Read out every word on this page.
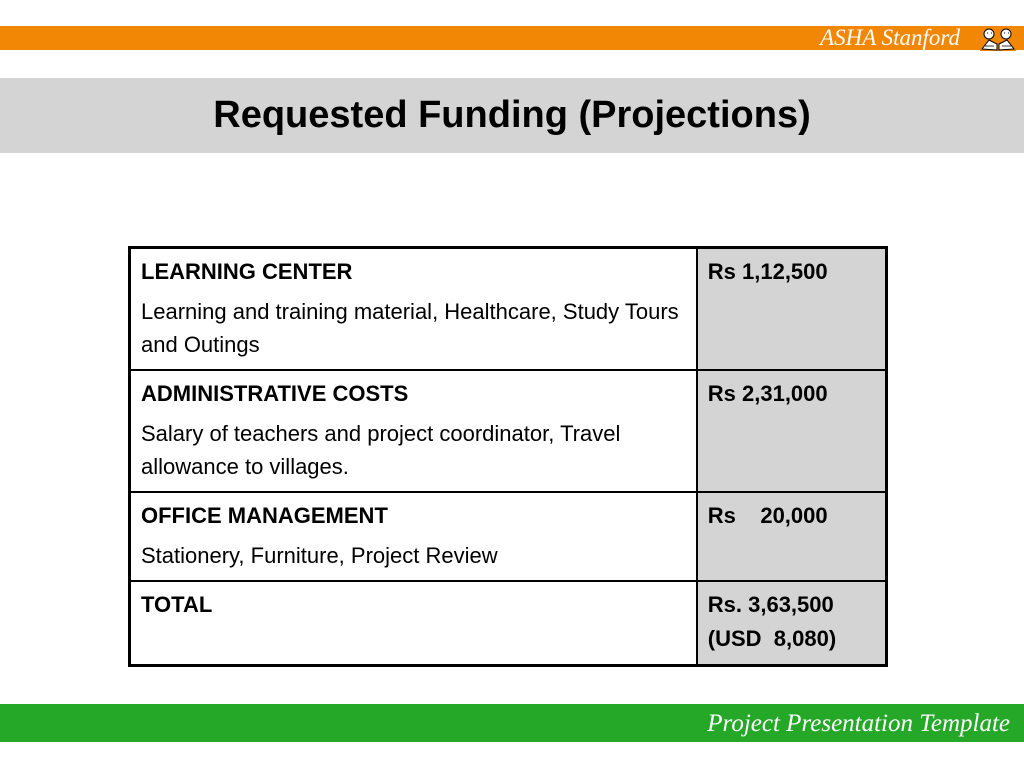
ASHA Stanford
Requested Funding (Projections)
LEARNING CENTER
Learning and training material, Healthcare, Study Tours and Outings	Rs 1,12,500

ADMINISTRATIVE COSTS
Salary of teachers and project coordinator, Travel allowance to villages.	Rs 2,31,000

OFFICE MANAGEMENT
Stationery, Furniture, Project Review	Rs    20,000

TOTAL	Rs. 3,63,500
(USD  8,080)
Project Presentation Template
